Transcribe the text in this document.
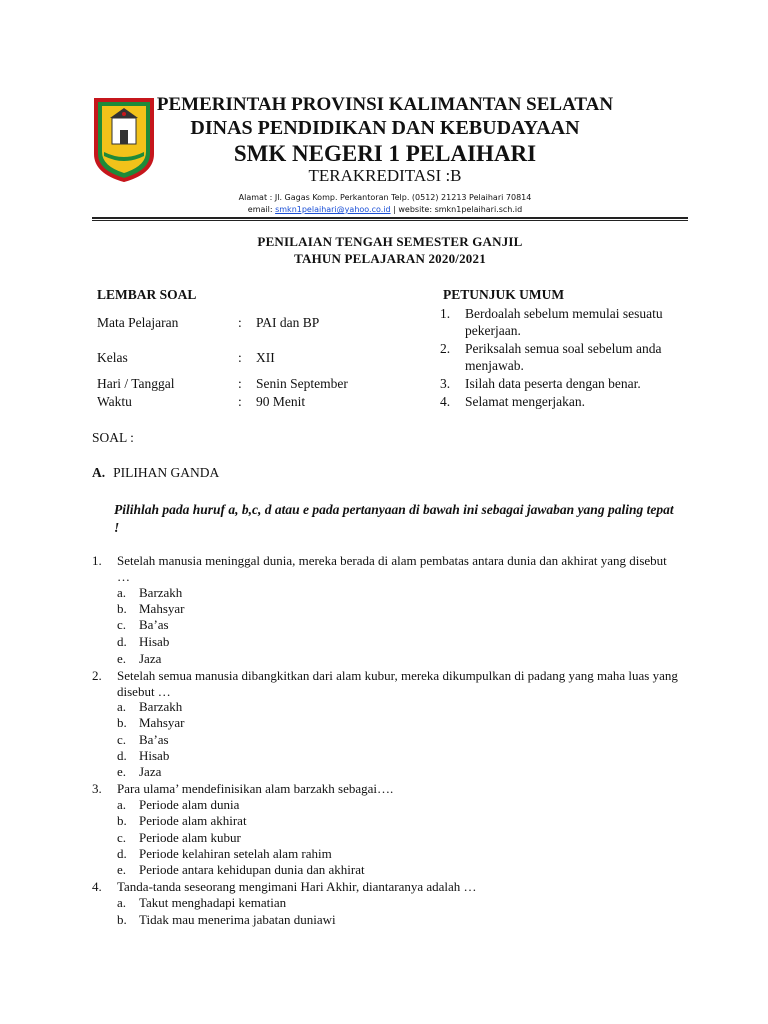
PEMERINTAH PROVINSI KALIMANTAN SELATAN
DINAS PENDIDIKAN DAN KEBUDAYAAN
SMK NEGERI 1 PELAIHARI
TERAKREDITASI :B
Alamat : Jl. Gagas Komp. Perkantoran Telp. (0512) 21213 Pelaihari 70814
email: smkn1pelaihari@yahoo.co.id | website: smkn1pelaihari.sch.id
PENILAIAN TENGAH SEMESTER GANJIL
TAHUN PELAJARAN 2020/2021
LEMBAR SOAL
Mata Pelajaran	: PAI dan BP
Kelas	: XII
Hari / Tanggal	: Senin September
Waktu	: 90 Menit
PETUNJUK UMUM
1.	Berdoalah sebelum memulai sesuatu pekerjaan.
2.	Periksalah semua soal sebelum anda menjawab.
3.	Isilah data peserta dengan benar.
4.	Selamat mengerjakan.
SOAL :
A. PILIHAN GANDA
Pilihlah pada huruf a, b,c, d atau e pada pertanyaan di bawah ini sebagai jawaban yang paling tepat !
1. Setelah manusia meninggal dunia, mereka berada di alam pembatas antara dunia dan akhirat yang disebut …
a. Barzakh
b. Mahsyar
c. Ba’as
d. Hisab
e. Jaza
2. Setelah semua manusia dibangkitkan dari alam kubur, mereka dikumpulkan di padang yang maha luas yang disebut …
a. Barzakh
b. Mahsyar
c. Ba’as
d. Hisab
e. Jaza
3. Para ulama’ mendefinisikan alam barzakh sebagai….
a. Periode alam dunia
b. Periode alam akhirat
c. Periode alam kubur
d. Periode kelahiran setelah alam rahim
e. Periode antara kehidupan dunia dan akhirat
4. Tanda-tanda seseorang mengimani Hari Akhir, diantaranya adalah …
a. Takut menghadapi kematian
b. Tidak mau menerima jabatan duniawi
